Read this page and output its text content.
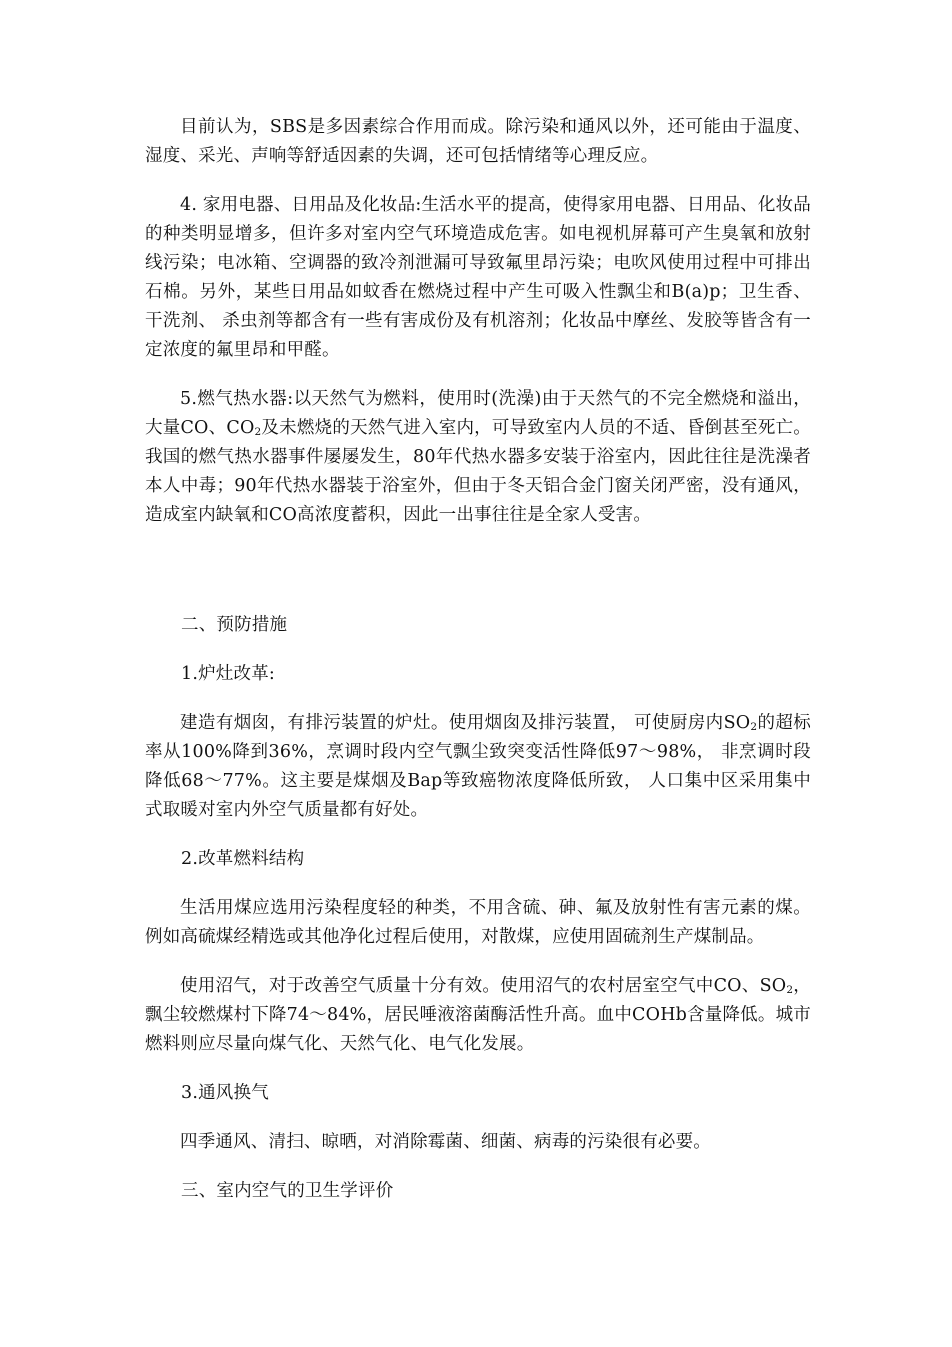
目前认为，SBS是多因素综合作用而成。除污染和通风以外，还可能由于温度、湿度、采光、声响等舒适因素的失调，还可包括情绪等心理反应。

4. 家用电器、日用品及化妆品:生活水平的提高，使得家用电器、日用品、化妆品的种类明显增多，但许多对室内空气环境造成危害。如电视机屏幕可产生臭氧和放射线污染；电冰箱、空调器的致冷剂泄漏可导致氟里昂污染；电吹风使用过程中可排出石棉。另外，某些日用品如蚊香在燃烧过程中产生可吸入性飘尘和B(a)p；卫生香、干洗剂、 杀虫剂等都含有一些有害成份及有机溶剂；化妆品中摩丝、发胶等皆含有一定浓度的氟里昂和甲醛。

5.燃气热水器:以天然气为燃料，使用时(洗澡)由于天然气的不完全燃烧和溢出， 大量CO、$CO_2$及未燃烧的天然气进入室内，可导致室内人员的不适、昏倒甚至死亡。我国的燃气热水器事件屡屡发生，80年代热水器多安装于浴室内，因此往往是洗澡者本人中毒；90年代热水器装于浴室外，但由于冬天铝合金门窗关闭严密，没有通风，造成室内缺氧和CO高浓度蓄积，因此一出事往往是全家人受害。

二、预防措施

1.炉灶改革:

建造有烟囱，有排污装置的炉灶。使用烟囱及排污装置， 可使厨房内$SO_2$的超标率从100%降到36%，烹调时段内空气飘尘致突变活性降低97～98%， 非烹调时段降低68～77%。这主要是煤烟及Bap等致癌物浓度降低所致， 人口集中区采用集中式取暖对室内外空气质量都有好处。

2.改革燃料结构

生活用煤应选用污染程度轻的种类，不用含硫、砷、氟及放射性有害元素的煤。例如高硫煤经精选或其他净化过程后使用，对散煤，应使用固硫剂生产煤制品。

使用沼气，对于改善空气质量十分有效。使用沼气的农村居室空气中CO、$SO_2$，飘尘较燃煤村下降74～84%，居民唾液溶菌酶活性升高。血中COHb含量降低。城市燃料则应尽量向煤气化、天然气化、电气化发展。

3.通风换气

四季通风、清扫、晾晒，对消除霉菌、细菌、病毒的污染很有必要。

三、室内空气的卫生学评价
